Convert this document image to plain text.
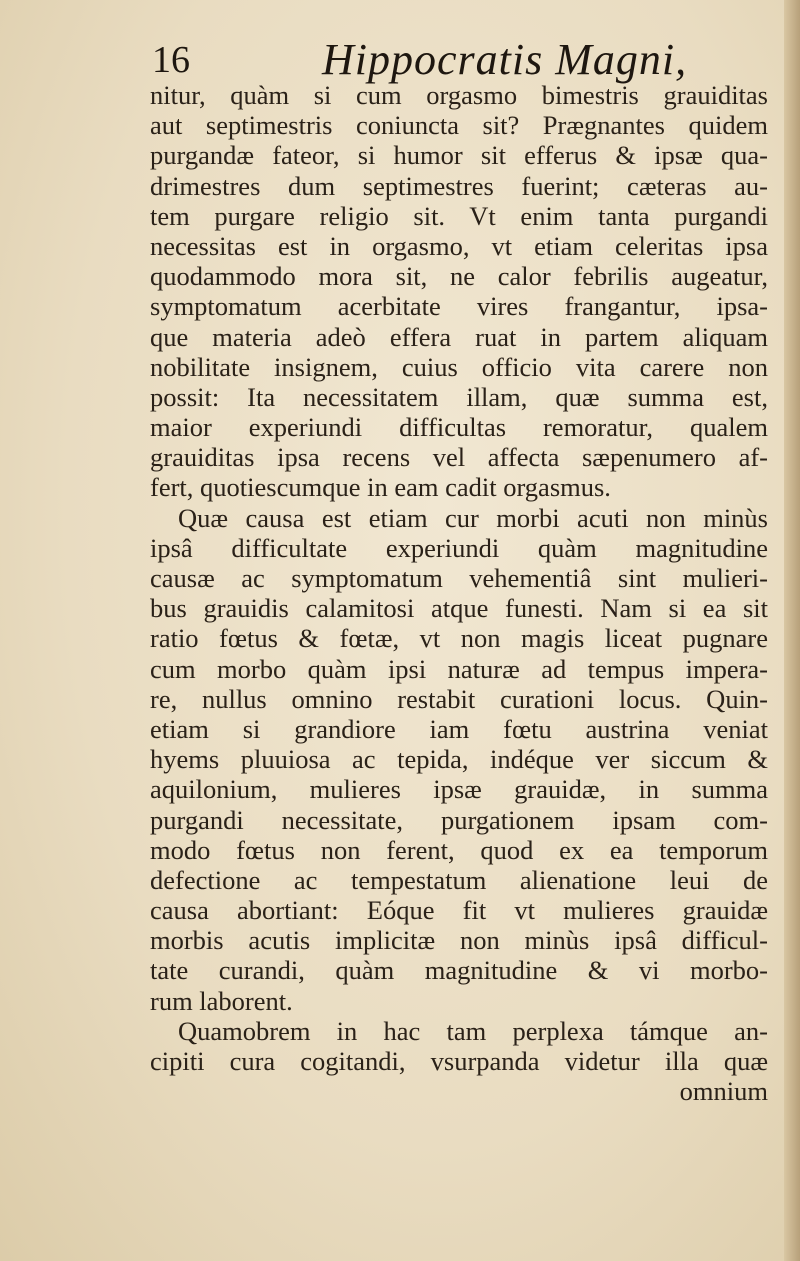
16	Hippocratis Magni,
nitur, quàm si cum orgasmo bimestris grauiditas
aut septimestris coniuncta sit? Prægnantes quidem
purgandæ fateor, si humor sit efferus & ipsæ qua-
drimestres dum septimestres fuerint; cæteras au-
tem purgare religio sit. Vt enim tanta purgandi
necessitas est in orgasmo, vt etiam celeritas ipsa
quodammodo mora sit, ne calor febrilis augeatur,
symptomatum acerbitate vires frangantur, ipsa-
que materia adeò effera ruat in partem aliquam
nobilitate insignem, cuius officio vita carere non
possit: Ita necessitatem illam, quæ summa est,
maior experiundi difficultas remoratur, qualem
grauiditas ipsa recens vel affecta sæpenumero af-
fert, quotiescumque in eam cadit orgasmus.
Quæ causa est etiam cur morbi acuti non minùs
ipsâ difficultate experiundi quàm magnitudine
causæ ac symptomatum vehementiâ sint mulieri-
bus grauidis calamitosi atque funesti. Nam si ea sit
ratio fœtus & fœtæ, vt non magis liceat pugnare
cum morbo quàm ipsi naturæ ad tempus impera-
re, nullus omnino restabit curationi locus. Quin-
etiam si grandiore iam fœtu austrina veniat
hyems pluuiosa ac tepida, indéque ver siccum &
aquilonium, mulieres ipsæ grauidæ, in summa
purgandi necessitate, purgationem ipsam com-
modo fœtus non ferent, quod ex ea temporum
defectione ac tempestatum alienatione leui de
causa abortiant: Eóque fit vt mulieres grauidæ
morbis acutis implicitæ non minùs ipsâ difficul-
tate curandi, quàm magnitudine & vi morbo-
rum laborent.
Quamobrem in hac tam perplexa támque an-
cipiti cura cogitandi, vsurpanda videtur illa quæ
omnium
